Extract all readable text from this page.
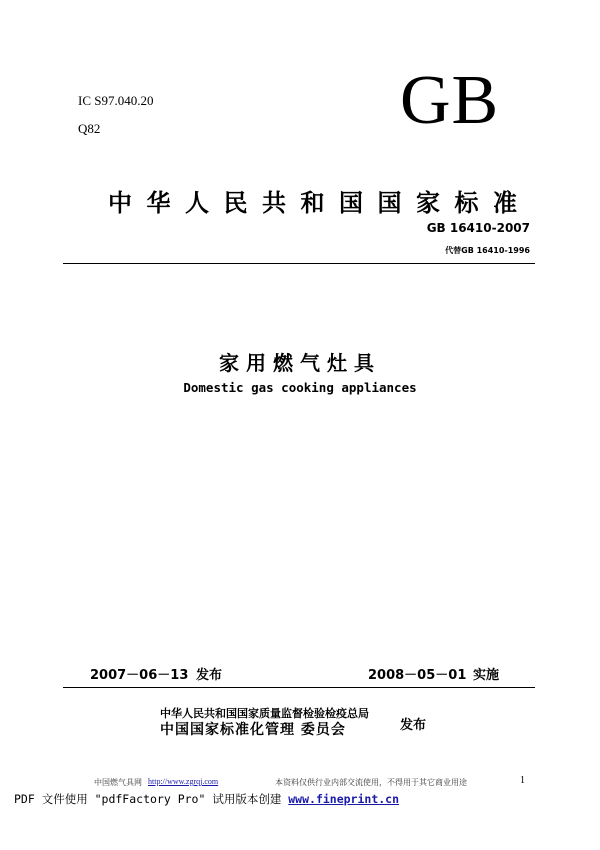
IC S97.040.20
Q82	GB
中华人民共和国国家标准
GB 16410-2007
代替GB 16410-1996
家用燃气灶具
Domestic gas cooking appliances
2007－06－13 发布	2008－05－01 实施
中华人民共和国国家质量监督检验检疫总局
中国国家标准化管理 委员会	发布
中国燃气具网 http://www.zgrqj.com	本资料仅供行业内部交流使用，不得用于其它商业用途	1
PDF 文件使用 "pdfFactory Pro" 试用版本创建 www.fineprint.cn
